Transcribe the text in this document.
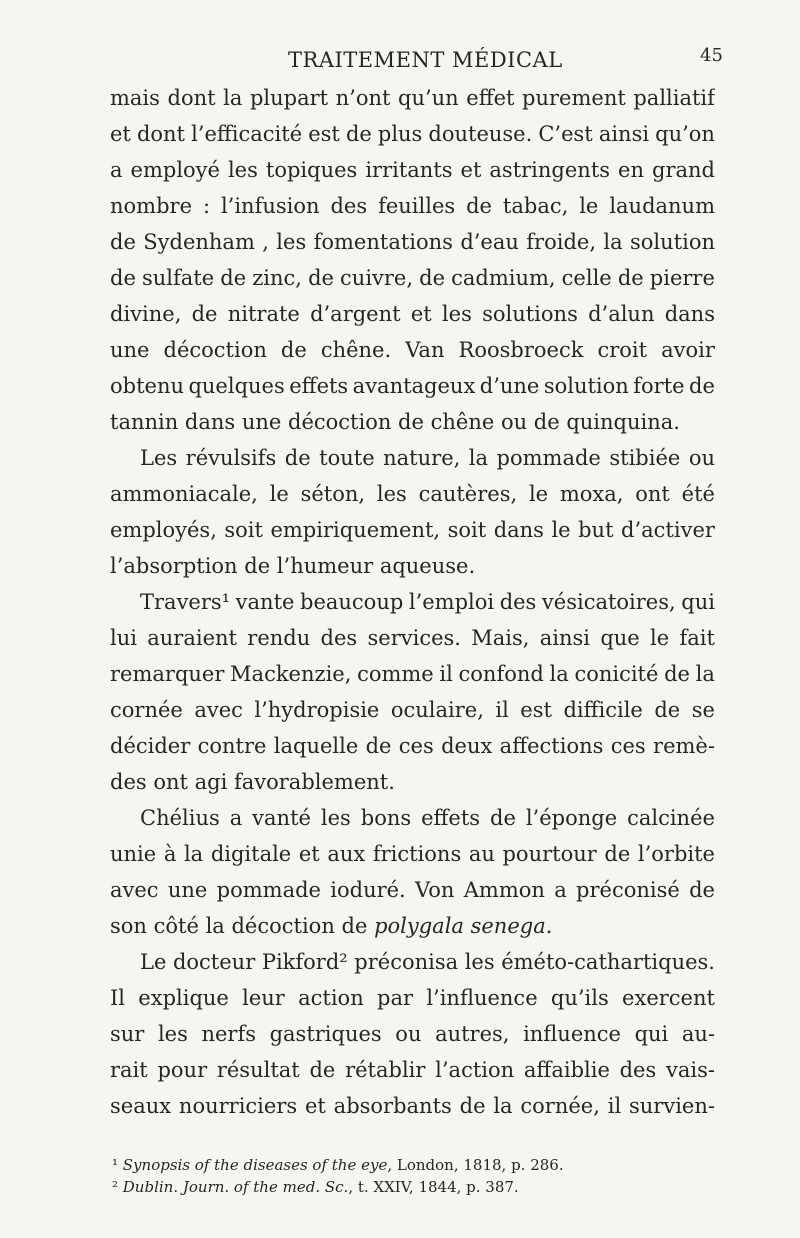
TRAITEMENT MÉDICAL	45
mais dont la plupart n’ont qu’un effet purement palliatif
et dont l’efficacité est de plus douteuse. C’est ainsi qu’on
a employé les topiques irritants et astringents en grand
nombre : l’infusion des feuilles de tabac, le laudanum
de Sydenham , les fomentations d’eau froide, la solution
de sulfate de zinc, de cuivre, de cadmium, celle de pierre
divine, de nitrate d’argent et les solutions d’alun dans
une décoction de chêne. Van Roosbroeck croit avoir
obtenu quelques effets avantageux d’une solution forte de
tannin dans une décoction de chêne ou de quinquina.
Les révulsifs de toute nature, la pommade stibiée ou
ammoniacale, le séton, les cautères, le moxa, ont été
employés, soit empiriquement, soit dans le but d’activer
l’absorption de l’humeur aqueuse.
Travers¹ vante beaucoup l’emploi des vésicatoires, qui
lui auraient rendu des services. Mais, ainsi que le fait
remarquer Mackenzie, comme il confond la conicité de la
cornée avec l’hydropisie oculaire, il est difficile de se
décider contre laquelle de ces deux affections ces remè-
des ont agi favorablement.
Chélius a vanté les bons effets de l’éponge calcinée
unie à la digitale et aux frictions au pourtour de l’orbite
avec une pommade ioduré. Von Ammon a préconisé de
son côté la décoction de polygala senega.
Le docteur Pikford² préconisa les éméto-cathartiques.
Il explique leur action par l’influence qu’ils exercent
sur les nerfs gastriques ou autres, influence qui au-
rait pour résultat de rétablir l’action affaiblie des vais-
seaux nourriciers et absorbants de la cornée, il survien-
¹ Synopsis of the diseases of the eye, London, 1818, p. 286.
² Dublin. Journ. of the med. Sc., t. XXIV, 1844, p. 387.
